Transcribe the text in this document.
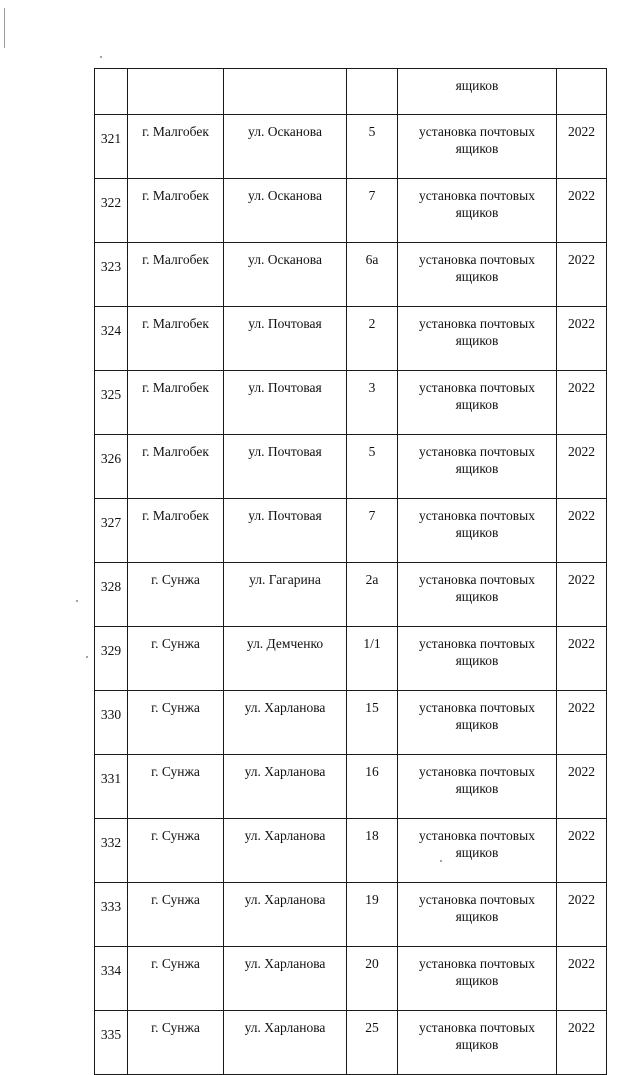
				ящиков	
321	г. Малгобек	ул. Осканова	5	установка почтовых ящиков	2022
322	г. Малгобек	ул. Осканова	7	установка почтовых ящиков	2022
323	г. Малгобек	ул. Осканова	6а	установка почтовых ящиков	2022
324	г. Малгобек	ул. Почтовая	2	установка почтовых ящиков	2022
325	г. Малгобек	ул. Почтовая	3	установка почтовых ящиков	2022
326	г. Малгобек	ул. Почтовая	5	установка почтовых ящиков	2022
327	г. Малгобек	ул. Почтовая	7	установка почтовых ящиков	2022
328	г. Сунжа	ул. Гагарина	2а	установка почтовых ящиков	2022
329	г. Сунжа	ул. Демченко	1/1	установка почтовых ящиков	2022
330	г. Сунжа	ул. Харланова	15	установка почтовых ящиков	2022
331	г. Сунжа	ул. Харланова	16	установка почтовых ящиков	2022
332	г. Сунжа	ул. Харланова	18	установка почтовых ящиков	2022
333	г. Сунжа	ул. Харланова	19	установка почтовых ящиков	2022
334	г. Сунжа	ул. Харланова	20	установка почтовых ящиков	2022
335	г. Сунжа	ул. Харланова	25	установка почтовых ящиков	2022
